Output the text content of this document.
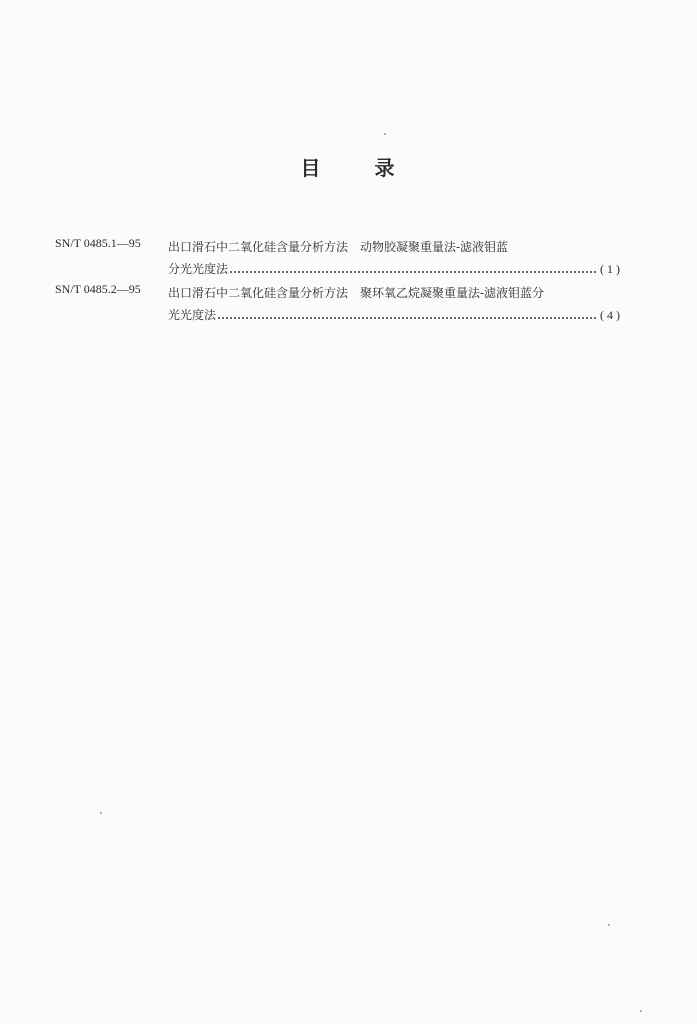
目	录
SN/T 0485.1—95	出口滑石中二氧化硅含量分析方法　动物胶凝聚重量法-滤液钼蓝
分光光度法	( 1 )
SN/T 0485.2—95	出口滑石中二氧化硅含量分析方法　聚环氧乙烷凝聚重量法-滤液钼蓝分
光光度法	( 4 )
